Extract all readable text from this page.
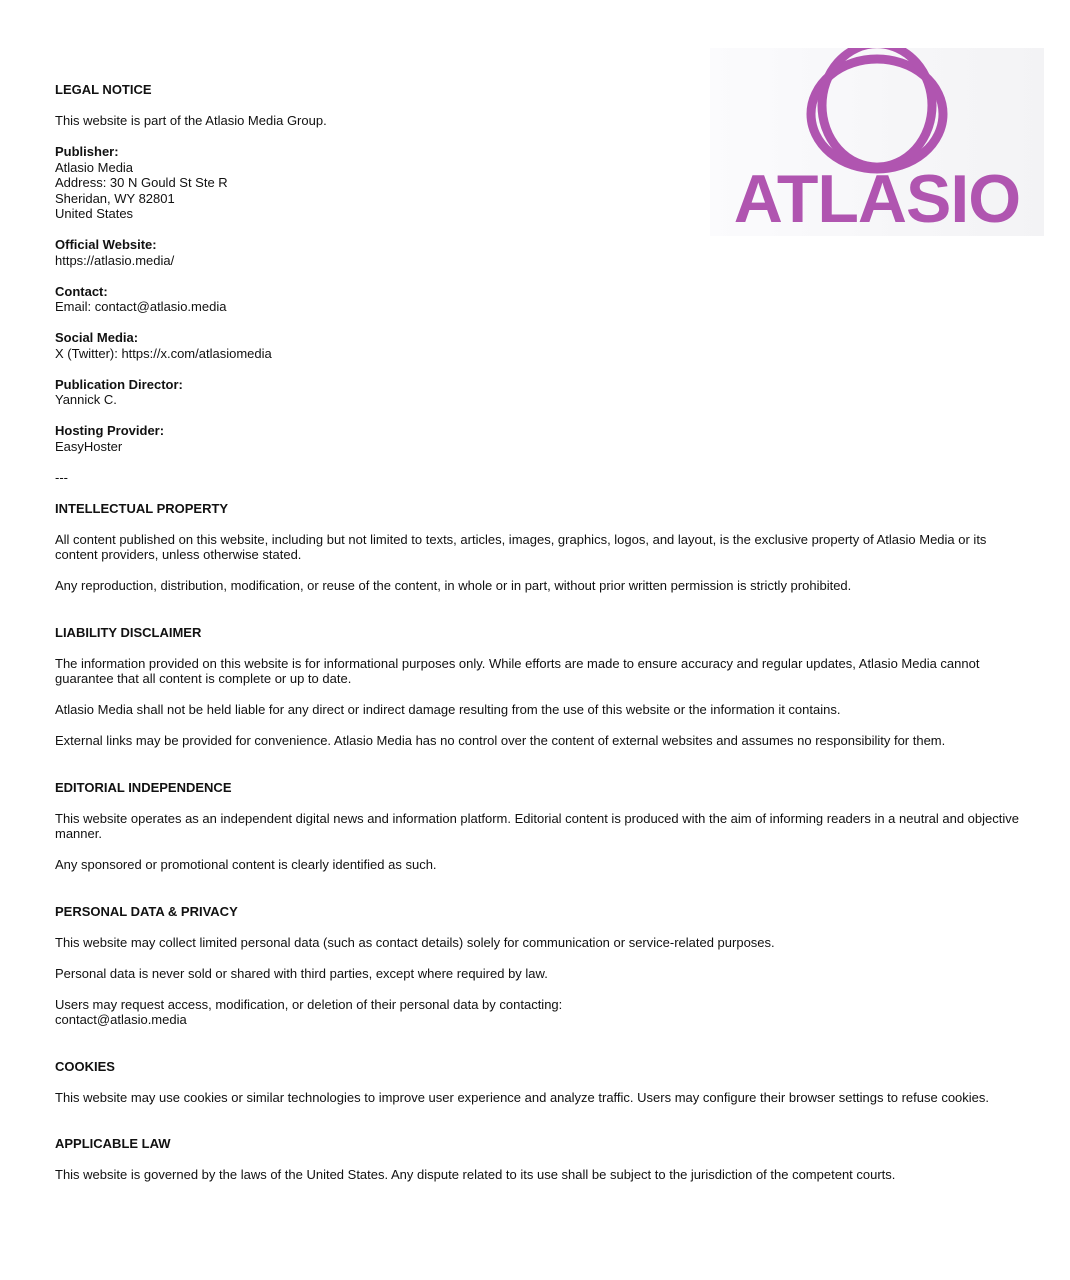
ATLASIO
LEGAL NOTICE
This website is part of the Atlasio Media Group.
Publisher:
Atlasio Media
Address: 30 N Gould St Ste R
Sheridan, WY 82801
United States
Official Website:
https://atlasio.media/
Contact:
Email: contact@atlasio.media
Social Media:
X (Twitter): https://x.com/atlasiomedia
Publication Director:
Yannick C.
Hosting Provider:
EasyHoster
---
INTELLECTUAL PROPERTY
All content published on this website, including but not limited to texts, articles, images, graphics, logos, and layout, is the exclusive property of Atlasio Media or its content providers, unless otherwise stated.
Any reproduction, distribution, modification, or reuse of the content, in whole or in part, without prior written permission is strictly prohibited.
LIABILITY DISCLAIMER
The information provided on this website is for informational purposes only. While efforts are made to ensure accuracy and regular updates, Atlasio Media cannot guarantee that all content is complete or up to date.
Atlasio Media shall not be held liable for any direct or indirect damage resulting from the use of this website or the information it contains.
External links may be provided for convenience. Atlasio Media has no control over the content of external websites and assumes no responsibility for them.
EDITORIAL INDEPENDENCE
This website operates as an independent digital news and information platform. Editorial content is produced with the aim of informing readers in a neutral and objective manner.
Any sponsored or promotional content is clearly identified as such.
PERSONAL DATA & PRIVACY
This website may collect limited personal data (such as contact details) solely for communication or service-related purposes.
Personal data is never sold or shared with third parties, except where required by law.
Users may request access, modification, or deletion of their personal data by contacting:
contact@atlasio.media
COOKIES
This website may use cookies or similar technologies to improve user experience and analyze traffic. Users may configure their browser settings to refuse cookies.
APPLICABLE LAW
This website is governed by the laws of the United States. Any dispute related to its use shall be subject to the jurisdiction of the competent courts.
